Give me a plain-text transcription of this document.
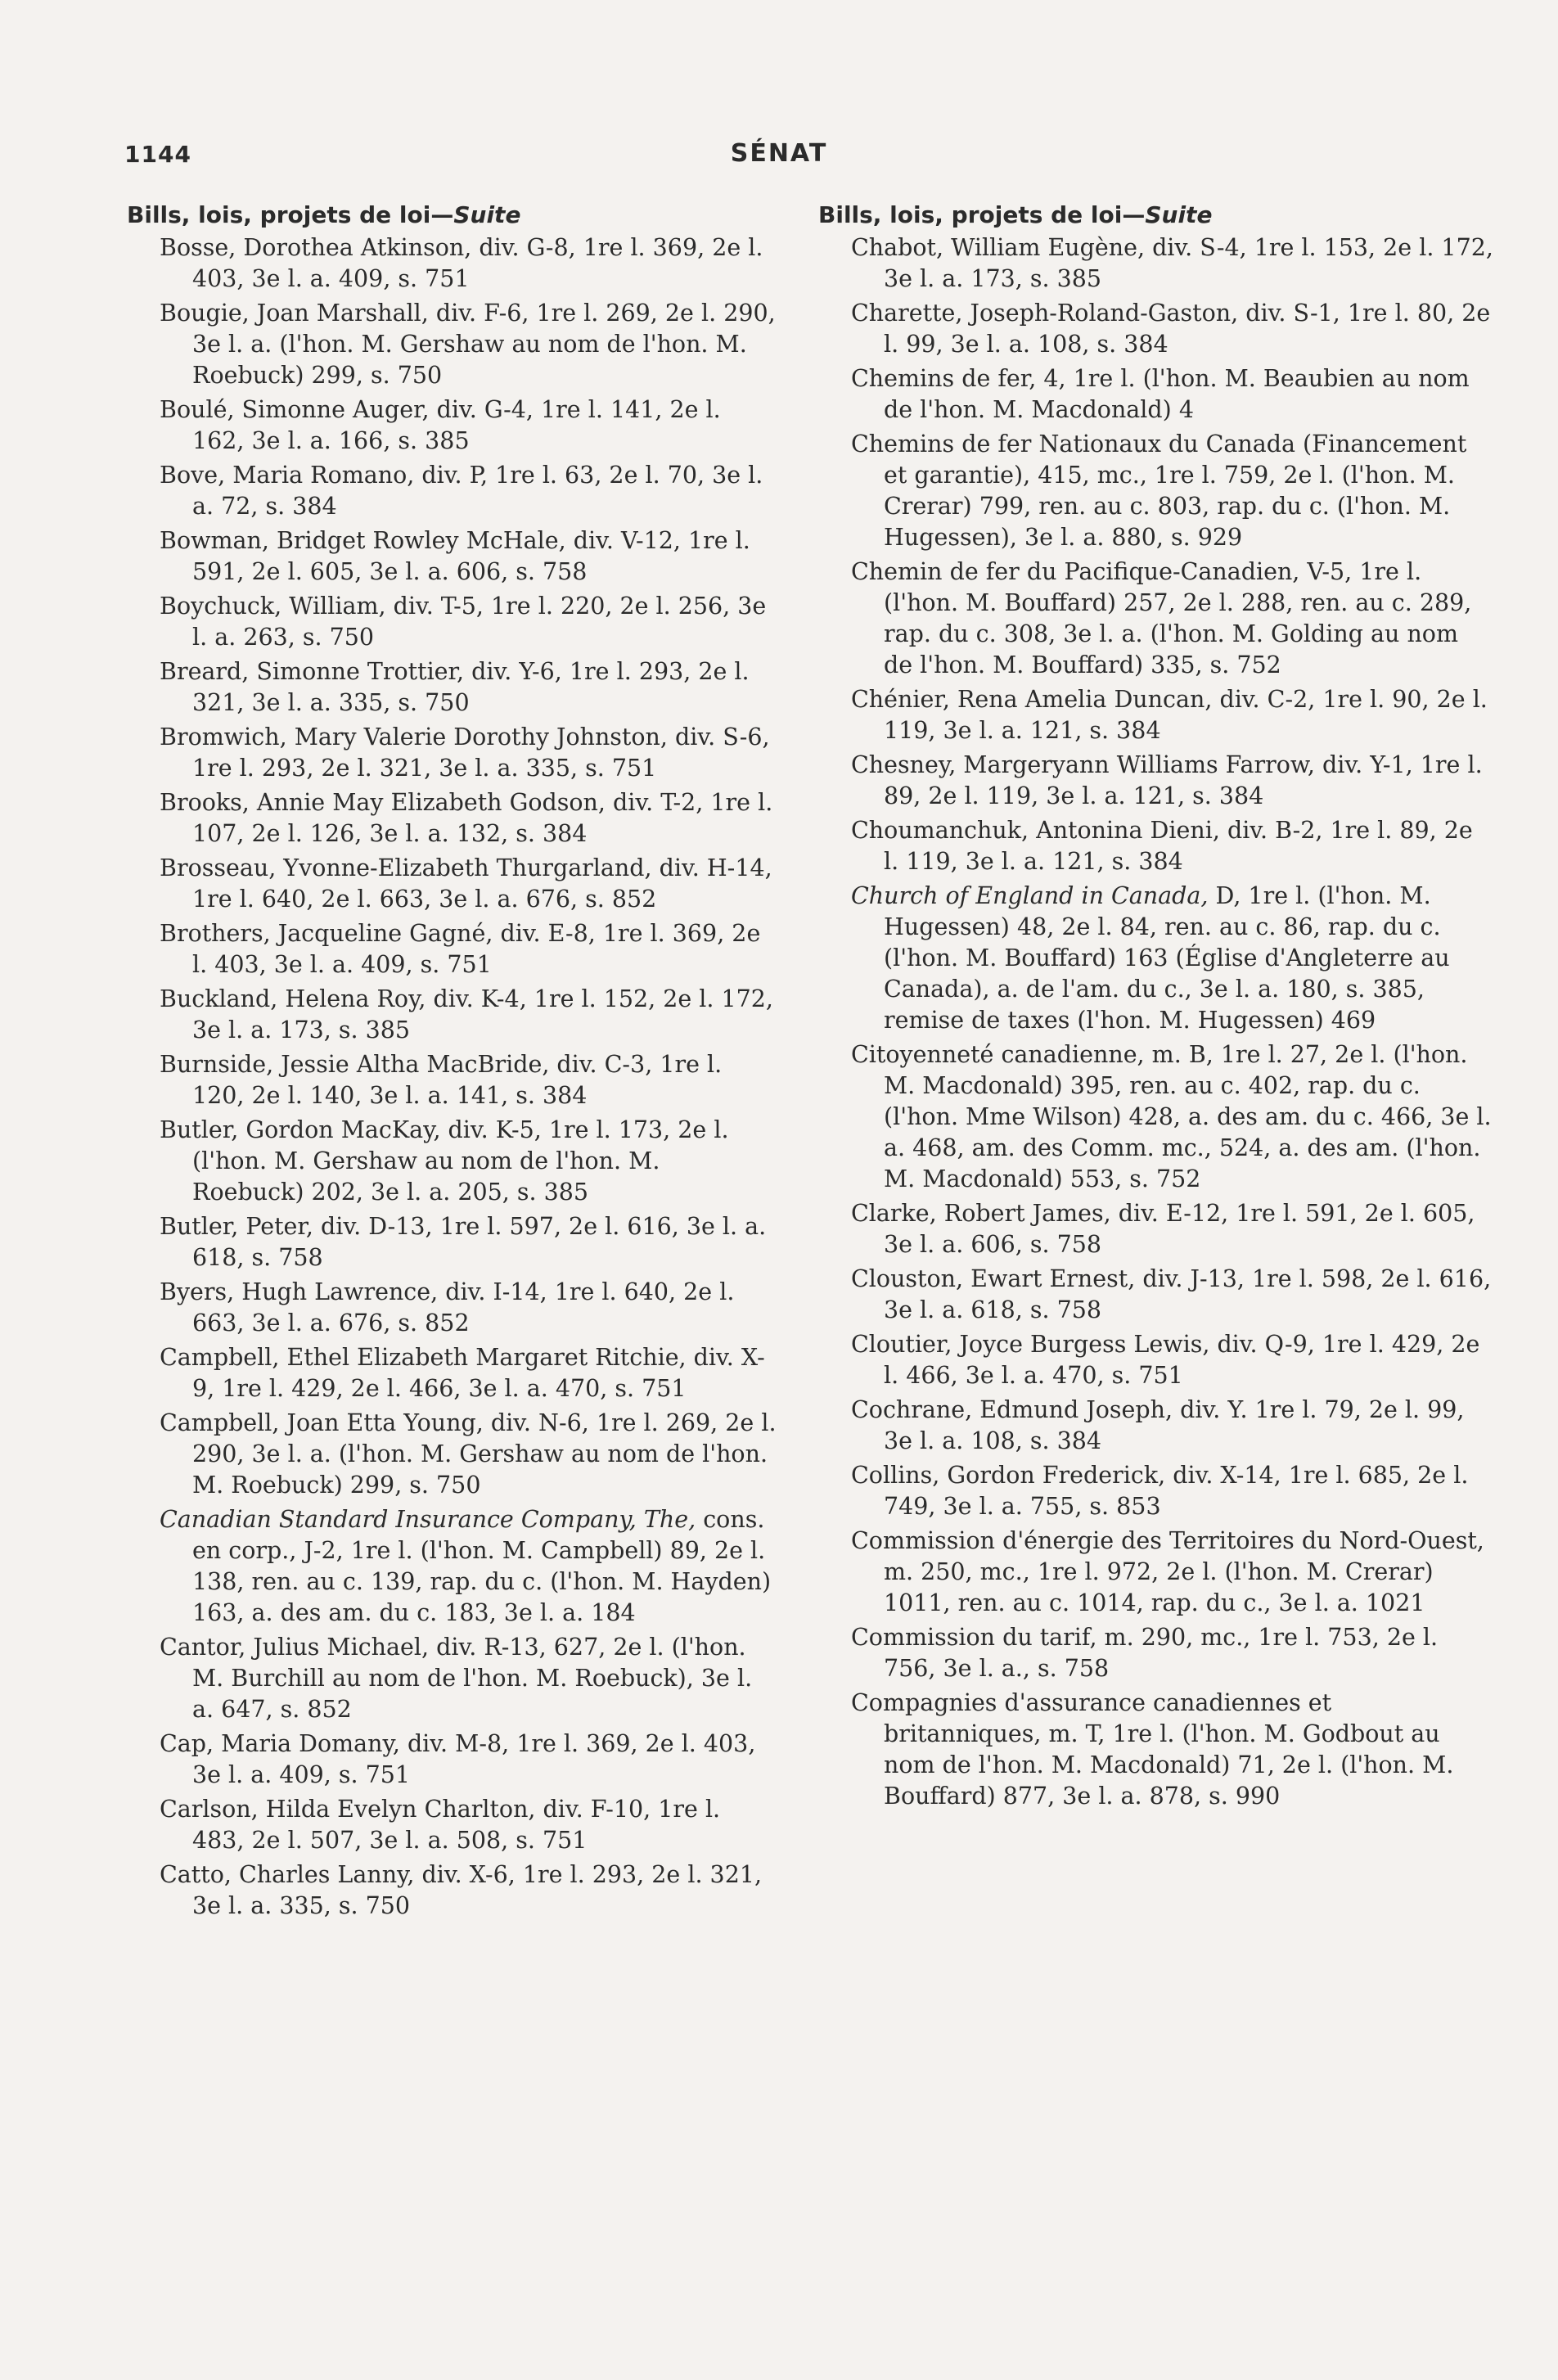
1144	SÉNAT
Bills, lois, projets de loi—Suite
Bosse, Dorothea Atkinson, div. G-8, 1re l. 369, 2e l. 403, 3e l. a. 409, s. 751
Bougie, Joan Marshall, div. F-6, 1re l. 269, 2e l. 290, 3e l. a. (l'hon. M. Gershaw au nom de l'hon. M. Roebuck) 299, s. 750
Boulé, Simonne Auger, div. G-4, 1re l. 141, 2e l. 162, 3e l. a. 166, s. 385
Bove, Maria Romano, div. P, 1re l. 63, 2e l. 70, 3e l. a. 72, s. 384
Bowman, Bridget Rowley McHale, div. V-12, 1re l. 591, 2e l. 605, 3e l. a. 606, s. 758
Boychuck, William, div. T-5, 1re l. 220, 2e l. 256, 3e l. a. 263, s. 750
Breard, Simonne Trottier, div. Y-6, 1re l. 293, 2e l. 321, 3e l. a. 335, s. 750
Bromwich, Mary Valerie Dorothy Johnston, div. S-6, 1re l. 293, 2e l. 321, 3e l. a. 335, s. 751
Brooks, Annie May Elizabeth Godson, div. T-2, 1re l. 107, 2e l. 126, 3e l. a. 132, s. 384
Brosseau, Yvonne-Elizabeth Thurgarland, div. H-14, 1re l. 640, 2e l. 663, 3e l. a. 676, s. 852
Brothers, Jacqueline Gagné, div. E-8, 1re l. 369, 2e l. 403, 3e l. a. 409, s. 751
Buckland, Helena Roy, div. K-4, 1re l. 152, 2e l. 172, 3e l. a. 173, s. 385
Burnside, Jessie Altha MacBride, div. C-3, 1re l. 120, 2e l. 140, 3e l. a. 141, s. 384
Butler, Gordon MacKay, div. K-5, 1re l. 173, 2e l. (l'hon. M. Gershaw au nom de l'hon. M. Roebuck) 202, 3e l. a. 205, s. 385
Butler, Peter, div. D-13, 1re l. 597, 2e l. 616, 3e l. a. 618, s. 758
Byers, Hugh Lawrence, div. I-14, 1re l. 640, 2e l. 663, 3e l. a. 676, s. 852
Campbell, Ethel Elizabeth Margaret Ritchie, div. X-9, 1re l. 429, 2e l. 466, 3e l. a. 470, s. 751
Campbell, Joan Etta Young, div. N-6, 1re l. 269, 2e l. 290, 3e l. a. (l'hon. M. Gershaw au nom de l'hon. M. Roebuck) 299, s. 750
Canadian Standard Insurance Company, The, cons. en corp., J-2, 1re l. (l'hon. M. Campbell) 89, 2e l. 138, ren. au c. 139, rap. du c. (l'hon. M. Hayden) 163, a. des am. du c. 183, 3e l. a. 184
Cantor, Julius Michael, div. R-13, 627, 2e l. (l'hon. M. Burchill au nom de l'hon. M. Roebuck), 3e l. a. 647, s. 852
Cap, Maria Domany, div. M-8, 1re l. 369, 2e l. 403, 3e l. a. 409, s. 751
Carlson, Hilda Evelyn Charlton, div. F-10, 1re l. 483, 2e l. 507, 3e l. a. 508, s. 751
Catto, Charles Lanny, div. X-6, 1re l. 293, 2e l. 321, 3e l. a. 335, s. 750
Bills, lois, projets de loi—Suite
Chabot, William Eugène, div. S-4, 1re l. 153, 2e l. 172, 3e l. a. 173, s. 385
Charette, Joseph-Roland-Gaston, div. S-1, 1re l. 80, 2e l. 99, 3e l. a. 108, s. 384
Chemins de fer, 4, 1re l. (l'hon. M. Beaubien au nom de l'hon. M. Macdonald) 4
Chemins de fer Nationaux du Canada (Financement et garantie), 415, mc., 1re l. 759, 2e l. (l'hon. M. Crerar) 799, ren. au c. 803, rap. du c. (l'hon. M. Hugessen), 3e l. a. 880, s. 929
Chemin de fer du Pacifique-Canadien, V-5, 1re l. (l'hon. M. Bouffard) 257, 2e l. 288, ren. au c. 289, rap. du c. 308, 3e l. a. (l'hon. M. Golding au nom de l'hon. M. Bouffard) 335, s. 752
Chénier, Rena Amelia Duncan, div. C-2, 1re l. 90, 2e l. 119, 3e l. a. 121, s. 384
Chesney, Margeryann Williams Farrow, div. Y-1, 1re l. 89, 2e l. 119, 3e l. a. 121, s. 384
Choumanchuk, Antonina Dieni, div. B-2, 1re l. 89, 2e l. 119, 3e l. a. 121, s. 384
Church of England in Canada, D, 1re l. (l'hon. M. Hugessen) 48, 2e l. 84, ren. au c. 86, rap. du c. (l'hon. M. Bouffard) 163 (Église d'Angleterre au Canada), a. de l'am. du c., 3e l. a. 180, s. 385, remise de taxes (l'hon. M. Hugessen) 469
Citoyenneté canadienne, m. B, 1re l. 27, 2e l. (l'hon. M. Macdonald) 395, ren. au c. 402, rap. du c. (l'hon. Mme Wilson) 428, a. des am. du c. 466, 3e l. a. 468, am. des Comm. mc., 524, a. des am. (l'hon. M. Macdonald) 553, s. 752
Clarke, Robert James, div. E-12, 1re l. 591, 2e l. 605, 3e l. a. 606, s. 758
Clouston, Ewart Ernest, div. J-13, 1re l. 598, 2e l. 616, 3e l. a. 618, s. 758
Cloutier, Joyce Burgess Lewis, div. Q-9, 1re l. 429, 2e l. 466, 3e l. a. 470, s. 751
Cochrane, Edmund Joseph, div. Y. 1re l. 79, 2e l. 99, 3e l. a. 108, s. 384
Collins, Gordon Frederick, div. X-14, 1re l. 685, 2e l. 749, 3e l. a. 755, s. 853
Commission d'énergie des Territoires du Nord-Ouest, m. 250, mc., 1re l. 972, 2e l. (l'hon. M. Crerar) 1011, ren. au c. 1014, rap. du c., 3e l. a. 1021
Commission du tarif, m. 290, mc., 1re l. 753, 2e l. 756, 3e l. a., s. 758
Compagnies d'assurance canadiennes et britanniques, m. T, 1re l. (l'hon. M. Godbout au nom de l'hon. M. Macdonald) 71, 2e l. (l'hon. M. Bouffard) 877, 3e l. a. 878, s. 990
